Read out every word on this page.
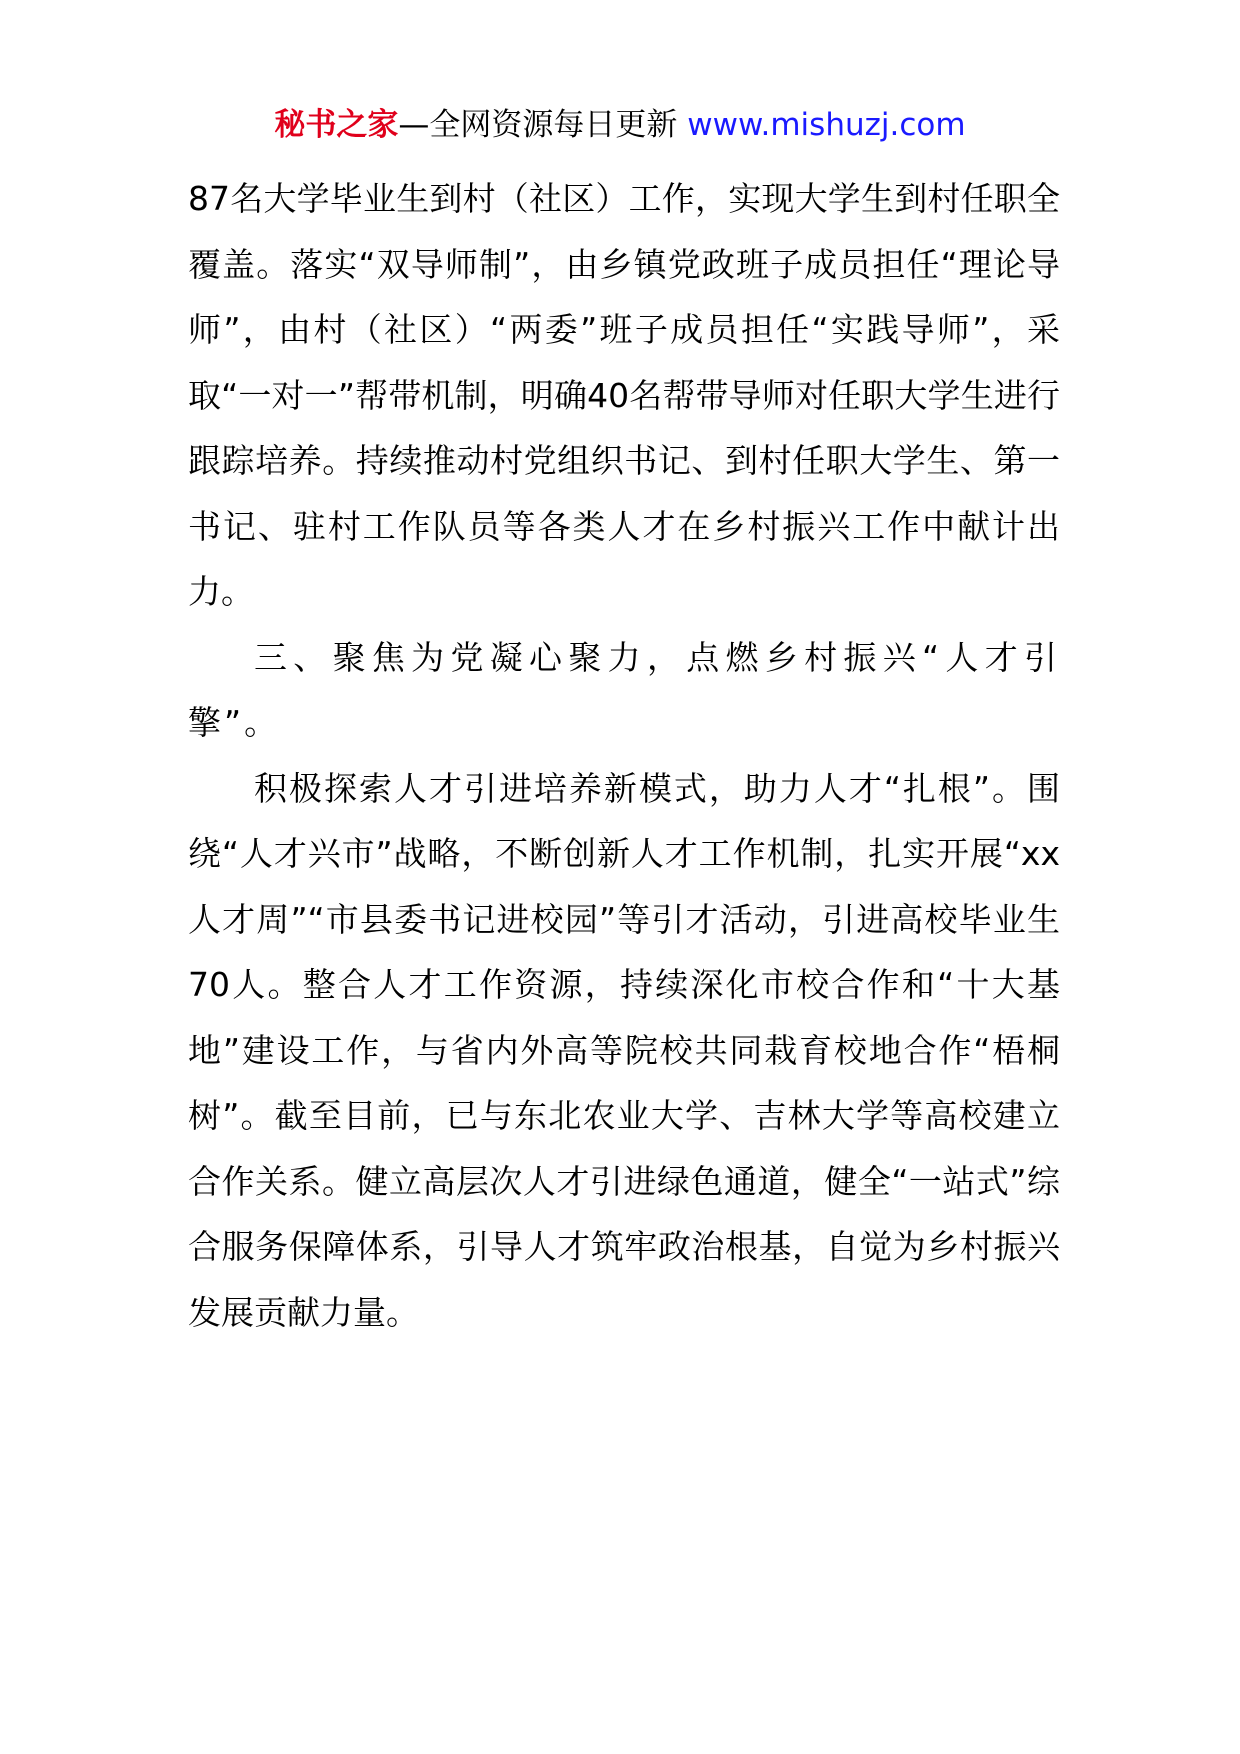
秘书之家—全网资源每日更新 www.mishuzj.com

87名大学毕业生到村（社区）工作，实现大学生到村任职全覆盖。落实“双导师制”，由乡镇党政班子成员担任“理论导师”，由村（社区）“两委”班子成员担任“实践导师”，采取“一对一”帮带机制，明确40名帮带导师对任职大学生进行跟踪培养。持续推动村党组织书记、到村任职大学生、第一书记、驻村工作队员等各类人才在乡村振兴工作中献计出力。

三、聚焦为党凝心聚力，点燃乡村振兴“人才引擎”。

积极探索人才引进培养新模式，助力人才“扎根”。围绕“人才兴市”战略，不断创新人才工作机制，扎实开展“xx人才周”“市县委书记进校园”等引才活动，引进高校毕业生70人。整合人才工作资源，持续深化市校合作和“十大基地”建设工作，与省内外高等院校共同栽育校地合作“梧桐树”。截至目前，已与东北农业大学、吉林大学等高校建立合作关系。健立高层次人才引进绿色通道，健全“一站式”综合服务保障体系，引导人才筑牢政治根基，自觉为乡村振兴发展贡献力量。
